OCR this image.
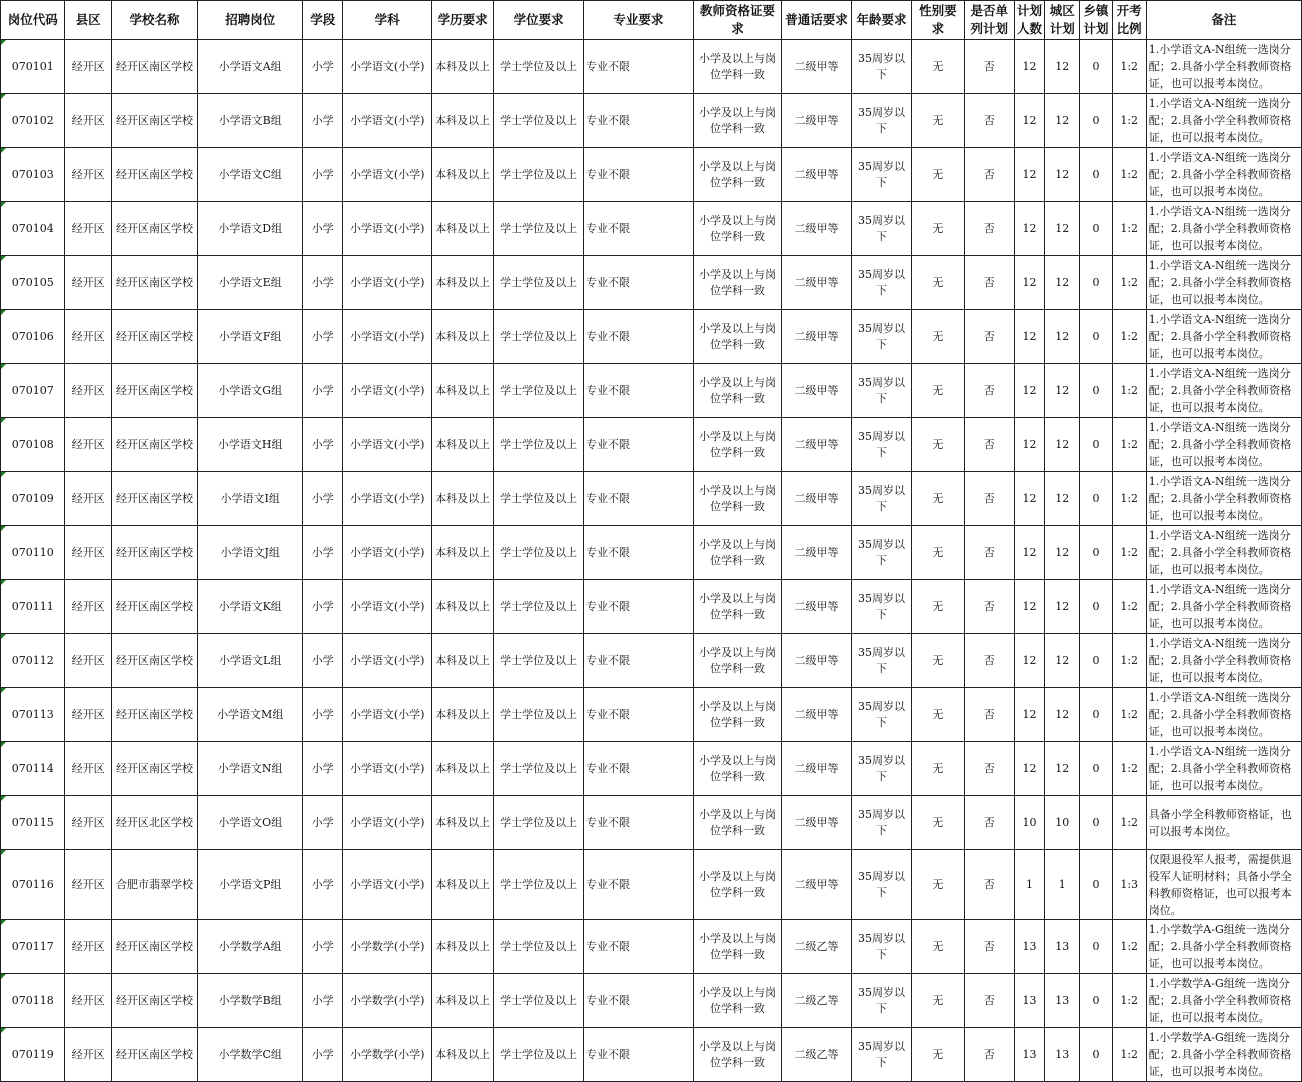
岗位代码	县区	学校名称	招聘岗位	学段	学科	学历要求	学位要求	专业要求	教师资格证要求	普通话要求	年龄要求	性别要求	是否单列计划	计划人数	城区计划	乡镇计划	开考比例	备注

070101	经开区	经开区南区学校	小学语文A组	小学	小学语文(小学)	本科及以上	学士学位及以上	专业不限	小学及以上与岗位学科一致	二级甲等	35周岁以下	无	否	12	12	0	1:2	1.小学语文A-N组统一选岗分配；2.具备小学全科教师资格证，也可以报考本岗位。

070102	经开区	经开区南区学校	小学语文B组	小学	小学语文(小学)	本科及以上	学士学位及以上	专业不限	小学及以上与岗位学科一致	二级甲等	35周岁以下	无	否	12	12	0	1:2	1.小学语文A-N组统一选岗分配；2.具备小学全科教师资格证，也可以报考本岗位。

070103	经开区	经开区南区学校	小学语文C组	小学	小学语文(小学)	本科及以上	学士学位及以上	专业不限	小学及以上与岗位学科一致	二级甲等	35周岁以下	无	否	12	12	0	1:2	1.小学语文A-N组统一选岗分配；2.具备小学全科教师资格证，也可以报考本岗位。

070104	经开区	经开区南区学校	小学语文D组	小学	小学语文(小学)	本科及以上	学士学位及以上	专业不限	小学及以上与岗位学科一致	二级甲等	35周岁以下	无	否	12	12	0	1:2	1.小学语文A-N组统一选岗分配；2.具备小学全科教师资格证，也可以报考本岗位。

070105	经开区	经开区南区学校	小学语文E组	小学	小学语文(小学)	本科及以上	学士学位及以上	专业不限	小学及以上与岗位学科一致	二级甲等	35周岁以下	无	否	12	12	0	1:2	1.小学语文A-N组统一选岗分配；2.具备小学全科教师资格证，也可以报考本岗位。

070106	经开区	经开区南区学校	小学语文F组	小学	小学语文(小学)	本科及以上	学士学位及以上	专业不限	小学及以上与岗位学科一致	二级甲等	35周岁以下	无	否	12	12	0	1:2	1.小学语文A-N组统一选岗分配；2.具备小学全科教师资格证，也可以报考本岗位。

070107	经开区	经开区南区学校	小学语文G组	小学	小学语文(小学)	本科及以上	学士学位及以上	专业不限	小学及以上与岗位学科一致	二级甲等	35周岁以下	无	否	12	12	0	1:2	1.小学语文A-N组统一选岗分配；2.具备小学全科教师资格证，也可以报考本岗位。

070108	经开区	经开区南区学校	小学语文H组	小学	小学语文(小学)	本科及以上	学士学位及以上	专业不限	小学及以上与岗位学科一致	二级甲等	35周岁以下	无	否	12	12	0	1:2	1.小学语文A-N组统一选岗分配；2.具备小学全科教师资格证，也可以报考本岗位。

070109	经开区	经开区南区学校	小学语文I组	小学	小学语文(小学)	本科及以上	学士学位及以上	专业不限	小学及以上与岗位学科一致	二级甲等	35周岁以下	无	否	12	12	0	1:2	1.小学语文A-N组统一选岗分配；2.具备小学全科教师资格证，也可以报考本岗位。

070110	经开区	经开区南区学校	小学语文J组	小学	小学语文(小学)	本科及以上	学士学位及以上	专业不限	小学及以上与岗位学科一致	二级甲等	35周岁以下	无	否	12	12	0	1:2	1.小学语文A-N组统一选岗分配；2.具备小学全科教师资格证，也可以报考本岗位。

070111	经开区	经开区南区学校	小学语文K组	小学	小学语文(小学)	本科及以上	学士学位及以上	专业不限	小学及以上与岗位学科一致	二级甲等	35周岁以下	无	否	12	12	0	1:2	1.小学语文A-N组统一选岗分配；2.具备小学全科教师资格证，也可以报考本岗位。

070112	经开区	经开区南区学校	小学语文L组	小学	小学语文(小学)	本科及以上	学士学位及以上	专业不限	小学及以上与岗位学科一致	二级甲等	35周岁以下	无	否	12	12	0	1:2	1.小学语文A-N组统一选岗分配；2.具备小学全科教师资格证，也可以报考本岗位。

070113	经开区	经开区南区学校	小学语文M组	小学	小学语文(小学)	本科及以上	学士学位及以上	专业不限	小学及以上与岗位学科一致	二级甲等	35周岁以下	无	否	12	12	0	1:2	1.小学语文A-N组统一选岗分配；2.具备小学全科教师资格证，也可以报考本岗位。

070114	经开区	经开区南区学校	小学语文N组	小学	小学语文(小学)	本科及以上	学士学位及以上	专业不限	小学及以上与岗位学科一致	二级甲等	35周岁以下	无	否	12	12	0	1:2	1.小学语文A-N组统一选岗分配；2.具备小学全科教师资格证，也可以报考本岗位。

070115	经开区	经开区北区学校	小学语文O组	小学	小学语文(小学)	本科及以上	学士学位及以上	专业不限	小学及以上与岗位学科一致	二级甲等	35周岁以下	无	否	10	10	0	1:2	具备小学全科教师资格证，也可以报考本岗位。

070116	经开区	合肥市翡翠学校	小学语文P组	小学	小学语文(小学)	本科及以上	学士学位及以上	专业不限	小学及以上与岗位学科一致	二级甲等	35周岁以下	无	否	1	1	0	1:3	仅限退役军人报考，需提供退役军人证明材料；具备小学全科教师资格证，也可以报考本岗位。

070117	经开区	经开区南区学校	小学数学A组	小学	小学数学(小学)	本科及以上	学士学位及以上	专业不限	小学及以上与岗位学科一致	二级乙等	35周岁以下	无	否	13	13	0	1:2	1.小学数学A-G组统一选岗分配；2.具备小学全科教师资格证，也可以报考本岗位。

070118	经开区	经开区南区学校	小学数学B组	小学	小学数学(小学)	本科及以上	学士学位及以上	专业不限	小学及以上与岗位学科一致	二级乙等	35周岁以下	无	否	13	13	0	1:2	1.小学数学A-G组统一选岗分配；2.具备小学全科教师资格证，也可以报考本岗位。

070119	经开区	经开区南区学校	小学数学C组	小学	小学数学(小学)	本科及以上	学士学位及以上	专业不限	小学及以上与岗位学科一致	二级乙等	35周岁以下	无	否	13	13	0	1:2	1.小学数学A-G组统一选岗分配；2.具备小学全科教师资格证，也可以报考本岗位。
